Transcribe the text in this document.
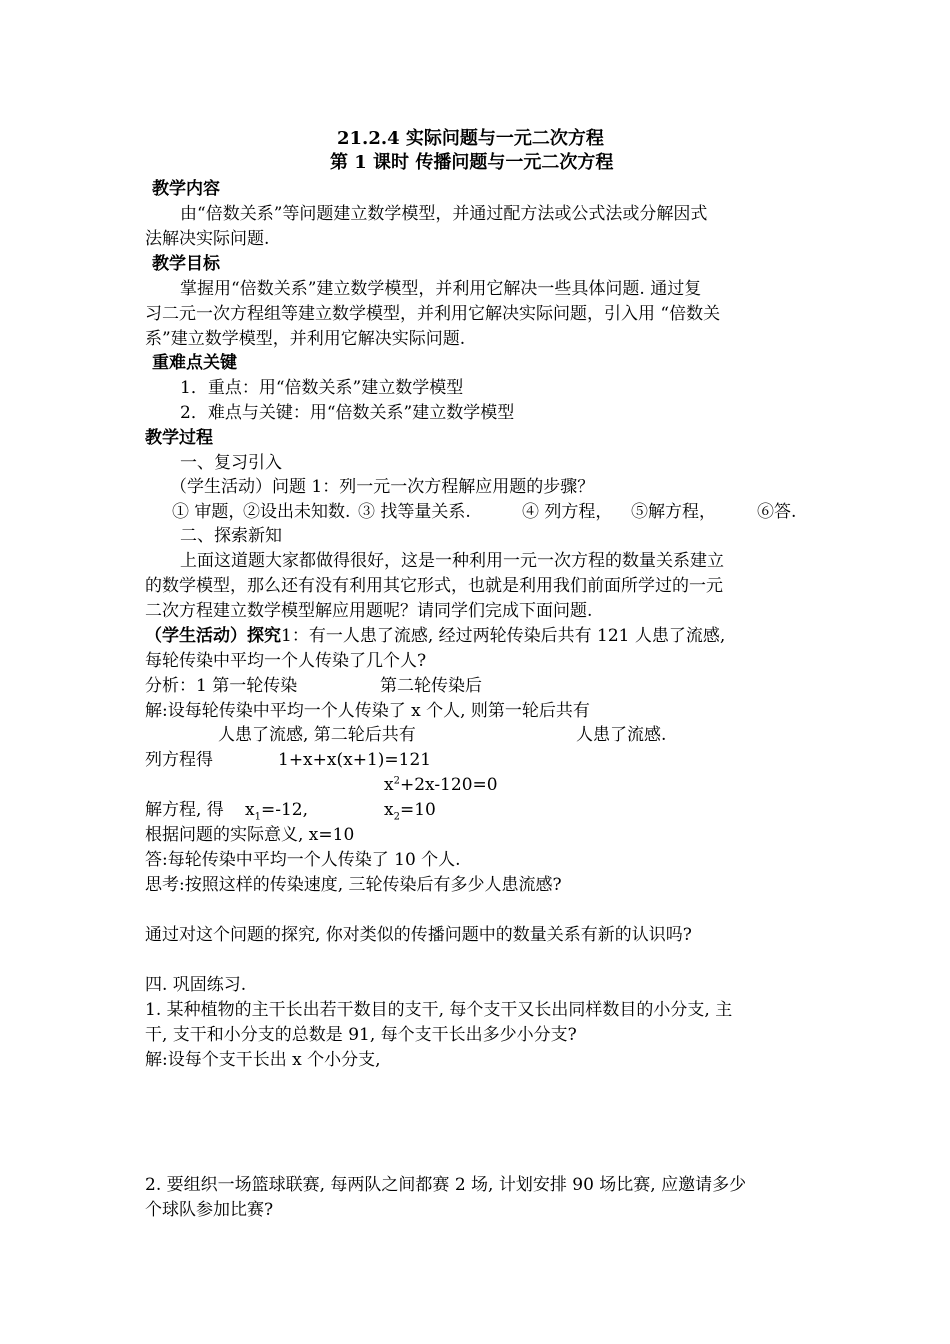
21.2.4 实际问题与一元二次方程
第 1 课时 传播问题与一元二次方程
教学内容
由“倍数关系”等问题建立数学模型，并通过配方法或公式法或分解因式
法解决实际问题.
教学目标
掌握用“倍数关系”建立数学模型，并利用它解决一些具体问题. 通过复
习二元一次方程组等建立数学模型，并利用它解决实际问题，引入用 “倍数关
系”建立数学模型，并利用它解决实际问题.
重难点关键
1．重点：用“倍数关系”建立数学模型
2．难点与关键：用“倍数关系”建立数学模型
教学过程
一、复习引入
（学生活动）问题 1：列一元一次方程解应用题的步骤？
① 审题，
②设出未知数. ③ 找等量关系.	④ 列方程， ⑤解方程， ⑥答.
二、探索新知
上面这道题大家都做得很好，这是一种利用一元一次方程的数量关系建立
的数学模型，那么还有没有利用其它形式，也就是利用我们前面所学过的一元
二次方程建立数学模型解应用题呢？请同学们完成下面问题.
（学生活动）探究1：有一人患了流感, 经过两轮传染后共有 121 人患了流感,
每轮传染中平均一个人传染了几个人?
分析：1 第一轮传染	第二轮传染后
解:设每轮传染中平均一个人传染了 x 个人, 则第一轮后共有
人患了流感, 第二轮后共有	人患了流感.
列方程得	1+x+x(x+1)=121
$x^2+2x-120=0$
解方程, 得 $x_1=-12$,	$x_2=10$
根据问题的实际意义, x=10
答:每轮传染中平均一个人传染了 10 个人.
思考:按照这样的传染速度, 三轮传染后有多少人患流感?
通过对这个问题的探究, 你对类似的传播问题中的数量关系有新的认识吗?
四. 巩固练习.
1. 某种植物的主干长出若干数目的支干, 每个支干又长出同样数目的小分支, 主
干, 支干和小分支的总数是 91, 每个支干长出多少小分支?
解:设每个支干长出 x 个小分支,
2. 要组织一场篮球联赛, 每两队之间都赛 2 场, 计划安排 90 场比赛, 应邀请多少
个球队参加比赛?
